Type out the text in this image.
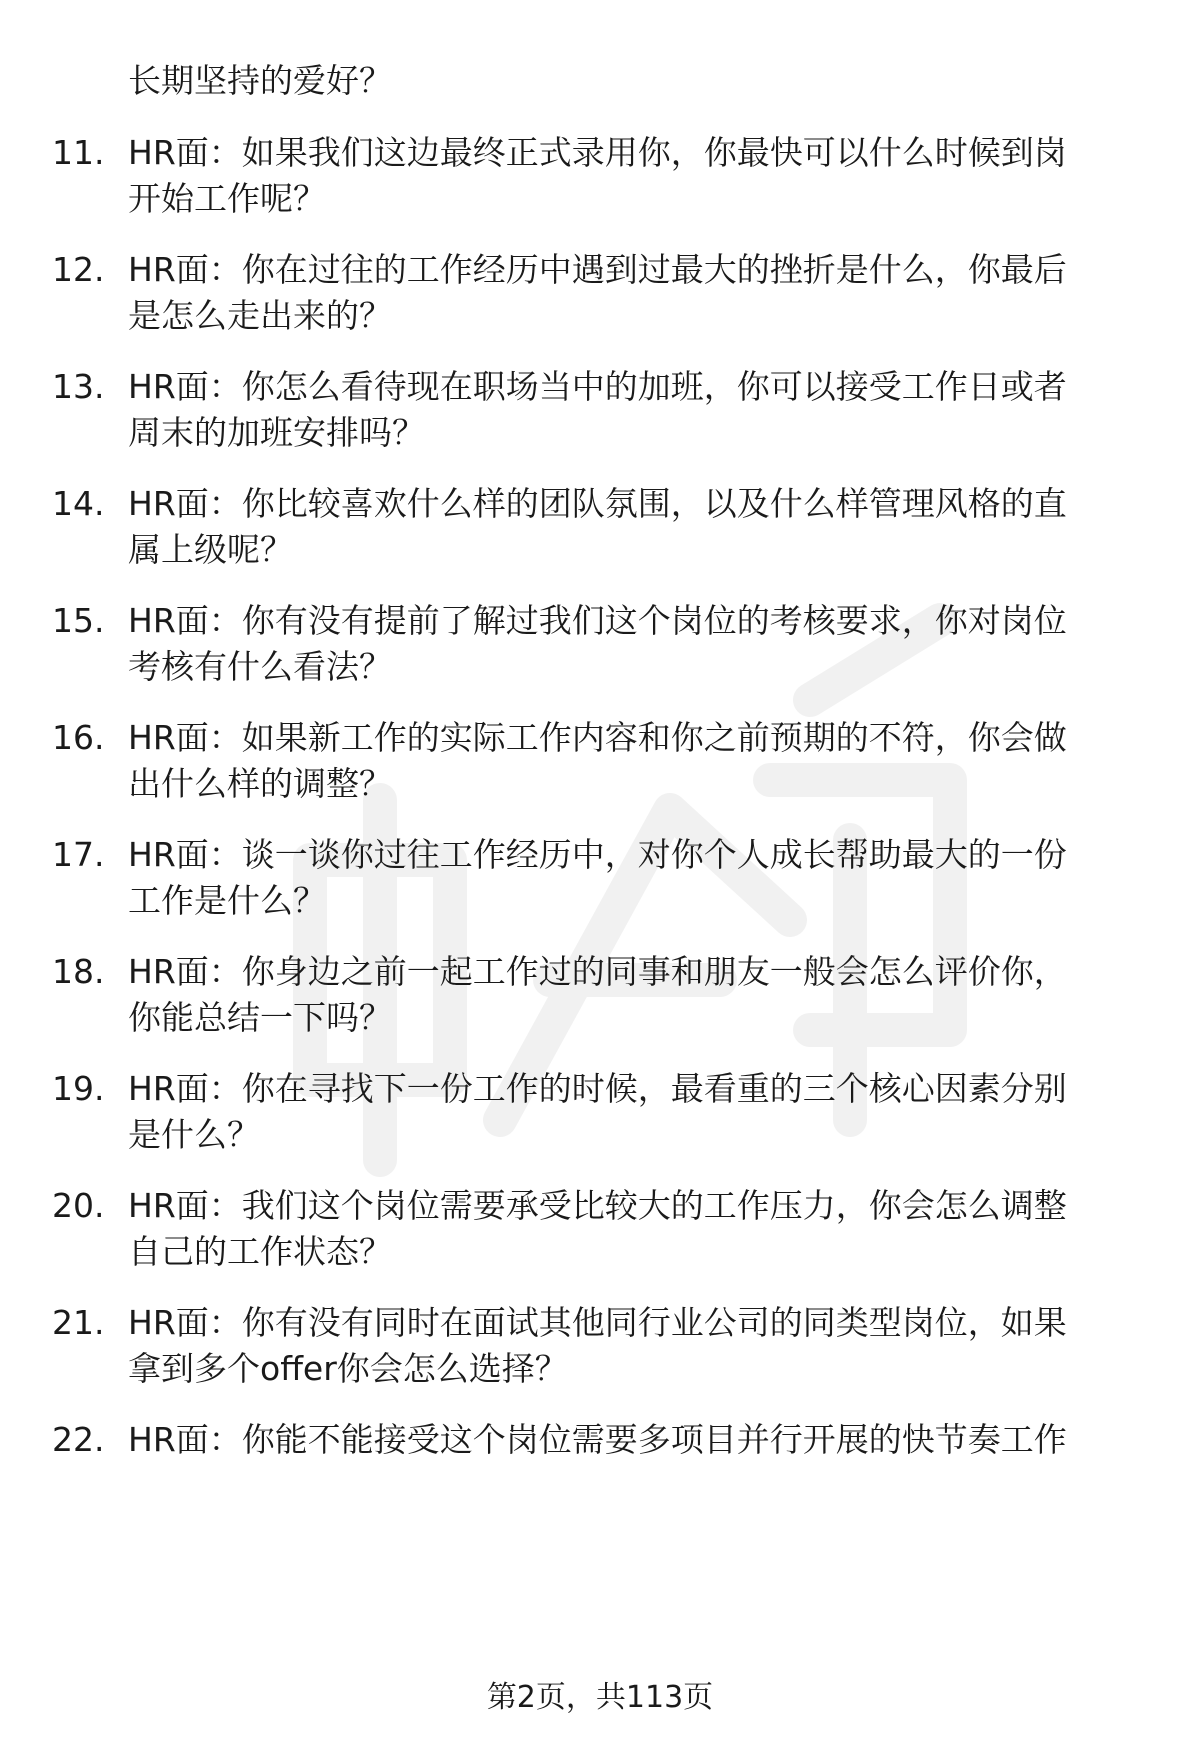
长期坚持的爱好？
11. HR面：如果我们这边最终正式录用你，你最快可以什么时候到岗
开始工作呢？
12. HR面：你在过往的工作经历中遇到过最大的挫折是什么，你最后
是怎么走出来的？
13. HR面：你怎么看待现在职场当中的加班，你可以接受工作日或者
周末的加班安排吗？
14. HR面：你比较喜欢什么样的团队氛围，以及什么样管理风格的直
属上级呢？
15. HR面：你有没有提前了解过我们这个岗位的考核要求，你对岗位
考核有什么看法？
16. HR面：如果新工作的实际工作内容和你之前预期的不符，你会做
出什么样的调整？
17. HR面：谈一谈你过往工作经历中，对你个人成长帮助最大的一份
工作是什么？
18. HR面：你身边之前一起工作过的同事和朋友一般会怎么评价你，
你能总结一下吗？
19. HR面：你在寻找下一份工作的时候，最看重的三个核心因素分别
是什么？
20. HR面：我们这个岗位需要承受比较大的工作压力，你会怎么调整
自己的工作状态？
21. HR面：你有没有同时在面试其他同行业公司的同类型岗位，如果
拿到多个offer你会怎么选择？
22. HR面：你能不能接受这个岗位需要多项目并行开展的快节奏工作
第2页，共113页
